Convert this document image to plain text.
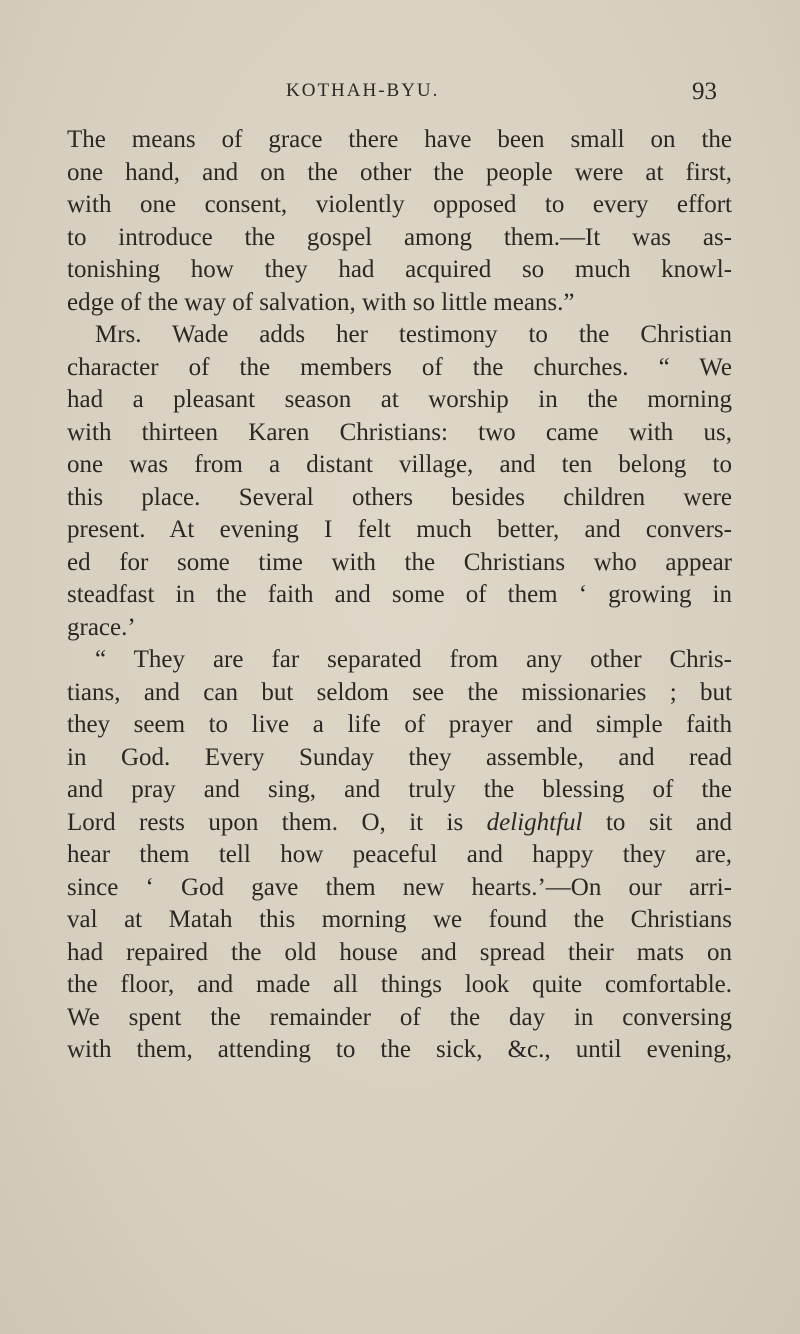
KOTHAH-BYU.	93
The means of grace there have been small on the
one hand, and on the other the people were at first,
with one consent, violently opposed to every effort
to introduce the gospel among them.—It was as-
tonishing how they had acquired so much knowl-
edge of the way of salvation, with so little means.”
Mrs. Wade adds her testimony to the Christian
character of the members of the churches. “ We
had a pleasant season at worship in the morning
with thirteen Karen Christians: two came with us,
one was from a distant village, and ten belong to
this place. Several others besides children were
present. At evening I felt much better, and convers-
ed for some time with the Christians who appear
steadfast in the faith and some of them ‘ growing in
grace.’
“ They are far separated from any other Chris-
tians, and can but seldom see the missionaries ; but
they seem to live a life of prayer and simple faith
in God. Every Sunday they assemble, and read
and pray and sing, and truly the blessing of the
Lord rests upon them. O, it is delightful to sit and
hear them tell how peaceful and happy they are,
since ‘ God gave them new hearts.’—On our arri-
val at Matah this morning we found the Christians
had repaired the old house and spread their mats on
the floor, and made all things look quite comfortable.
We spent the remainder of the day in conversing
with them, attending to the sick, &c., until evening,
